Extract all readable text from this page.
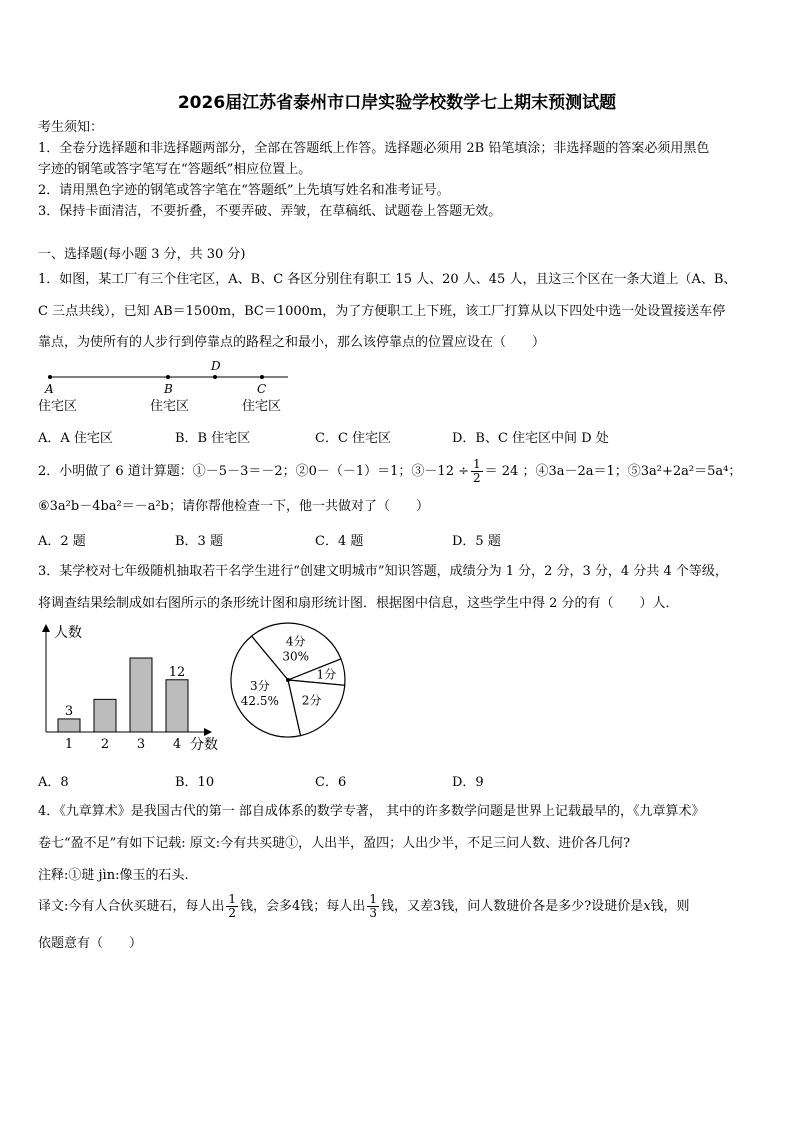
2026届江苏省泰州市口岸实验学校数学七上期末预测试题
考生须知：
1．全卷分选择题和非选择题两部分，全部在答题纸上作答。选择题必须用 2B 铅笔填涂；非选择题的答案必须用黑色
字迹的钢笔或答字笔写在“答题纸”相应位置上。
2．请用黑色字迹的钢笔或答字笔在“答题纸”上先填写姓名和准考证号。
3．保持卡面清洁，不要折叠，不要弄破、弄皱，在草稿纸、试题卷上答题无效。
一、选择题(每小题 3 分，共 30 分)
1．如图，某工厂有三个住宅区，A、B、C 各区分别住有职工 15 人、20 人、45 人，且这三个区在一条大道上（A、B、
C 三点共线），已知 AB＝1500m，BC＝1000m，为了方便职工上下班，该工厂打算从以下四处中选一处设置接送车停
靠点，为使所有的人步行到停靠点的路程之和最小，那么该停靠点的位置应设在（　　）
A	B
D
C
住宅区	住宅区	住宅区
A．A 住宅区	B．B 住宅区	C．C 住宅区	D．B、C 住宅区中间 D 处
2．小明做了 6 道计算题：①－5－3＝－2；②0－（－1）＝1；③－12 ÷ $\frac{1}{2} = 24$ ；④3a－2a＝1；⑤3a²+2a²＝5a⁴；
⑥3a²b－4ba²＝－a²b；请你帮他检查一下，他一共做对了（　　）
A．2 题	B．3 题	C．4 题	D．5 题
3．某学校对七年级随机抽取若干名学生进行“创建文明城市”知识答题，成绩分为 1 分，2 分，3 分，4 分共 4 个等级，
将调查结果绘制成如右图所示的条形统计图和扇形统计图．根据图中信息，这些学生中得 2 分的有（　　）人．
人数
分数
1
3
2 3 4
12
4分
30%
1分
2分
3分
42.5%
A．8	B．10	C．6	D．9
4．《九章算术》是我国古代的第一 部自成体系的数学专著， 其中的许多数学问题是世界上记载最早的，《九章算术》
卷七“盈不足”有如下记载: 原文:今有共买琎①，人出半，盈四；人出少半，不足三问人数、进价各几何?
注释:①琎 jìn:像玉的石头.
译文:今有人合伙买琎石，每人出 $\frac{1}{2}$ 钱，会多4钱；每人出 $\frac{1}{3}$ 钱，又差3钱，问人数琎价各是多少?设琎价是x钱，则
依题意有（　　）
